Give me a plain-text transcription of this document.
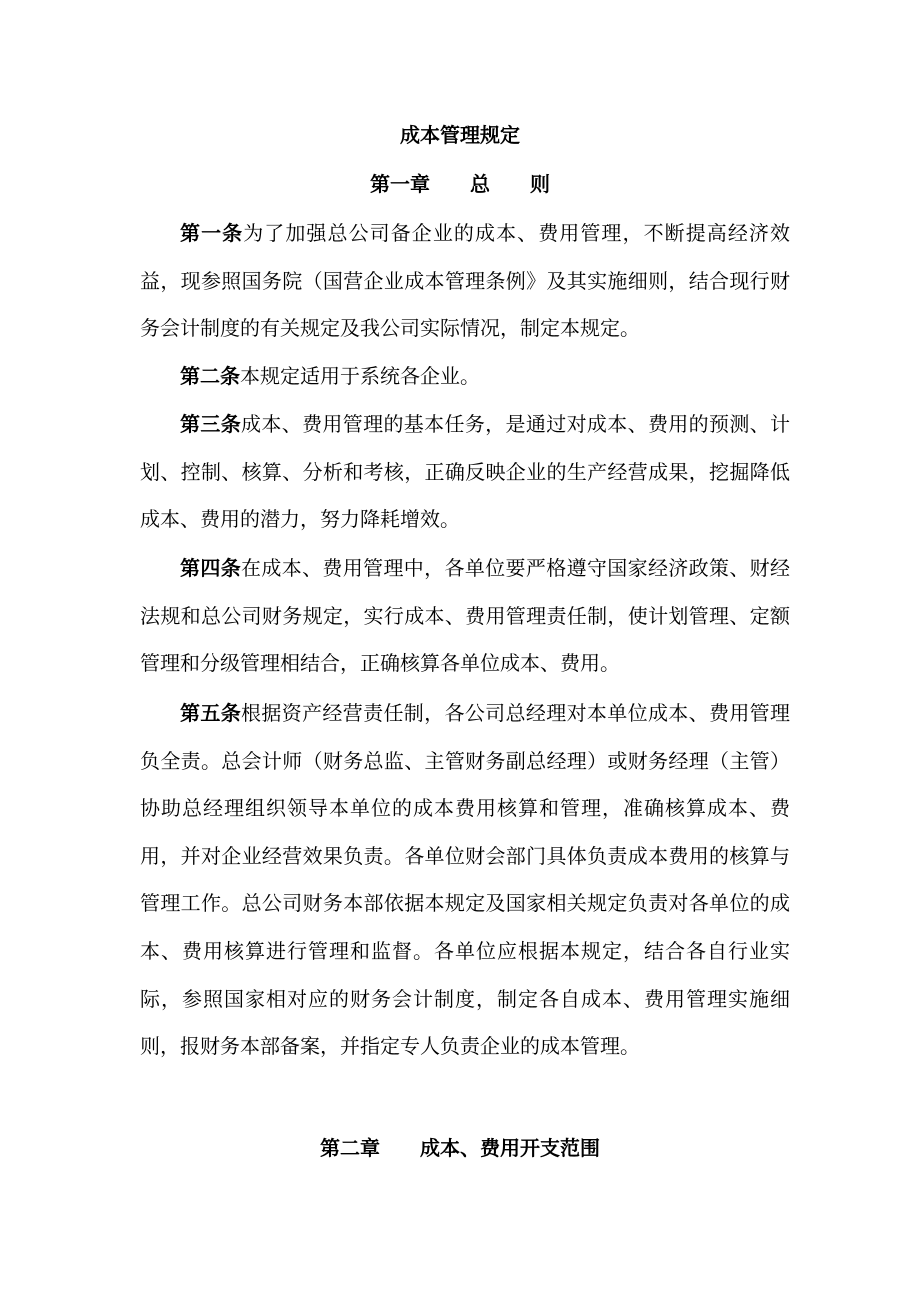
成本管理规定
第一章　　总　　则

第一条为了加强总公司备企业的成本、费用管理，不断提高经济效益，现参照国务院（国营企业成本管理条例》及其实施细则，结合现行财务会计制度的有关规定及我公司实际情况，制定本规定。

第二条本规定适用于系统各企业。

第三条成本、费用管理的基本任务，是通过对成本、费用的预测、计划、控制、核算、分析和考核，正确反映企业的生产经营成果，挖掘降低成本、费用的潜力，努力降耗增效。

第四条在成本、费用管理中，各单位要严格遵守国家经济政策、财经法规和总公司财务规定，实行成本、费用管理责任制，使计划管理、定额管理和分级管理相结合，正确核算各单位成本、费用。

第五条根据资产经营责任制，各公司总经理对本单位成本、费用管理负全责。总会计师（财务总监、主管财务副总经理）或财务经理（主管）协助总经理组织领导本单位的成本费用核算和管理，准确核算成本、费用，并对企业经营效果负责。各单位财会部门具体负责成本费用的核算与管理工作。总公司财务本部依据本规定及国家相关规定负责对各单位的成本、费用核算进行管理和监督。各单位应根据本规定，结合各自行业实际，参照国家相对应的财务会计制度，制定各自成本、费用管理实施细则，报财务本部备案，并指定专人负责企业的成本管理。

第二章　　成本、费用开支范围
